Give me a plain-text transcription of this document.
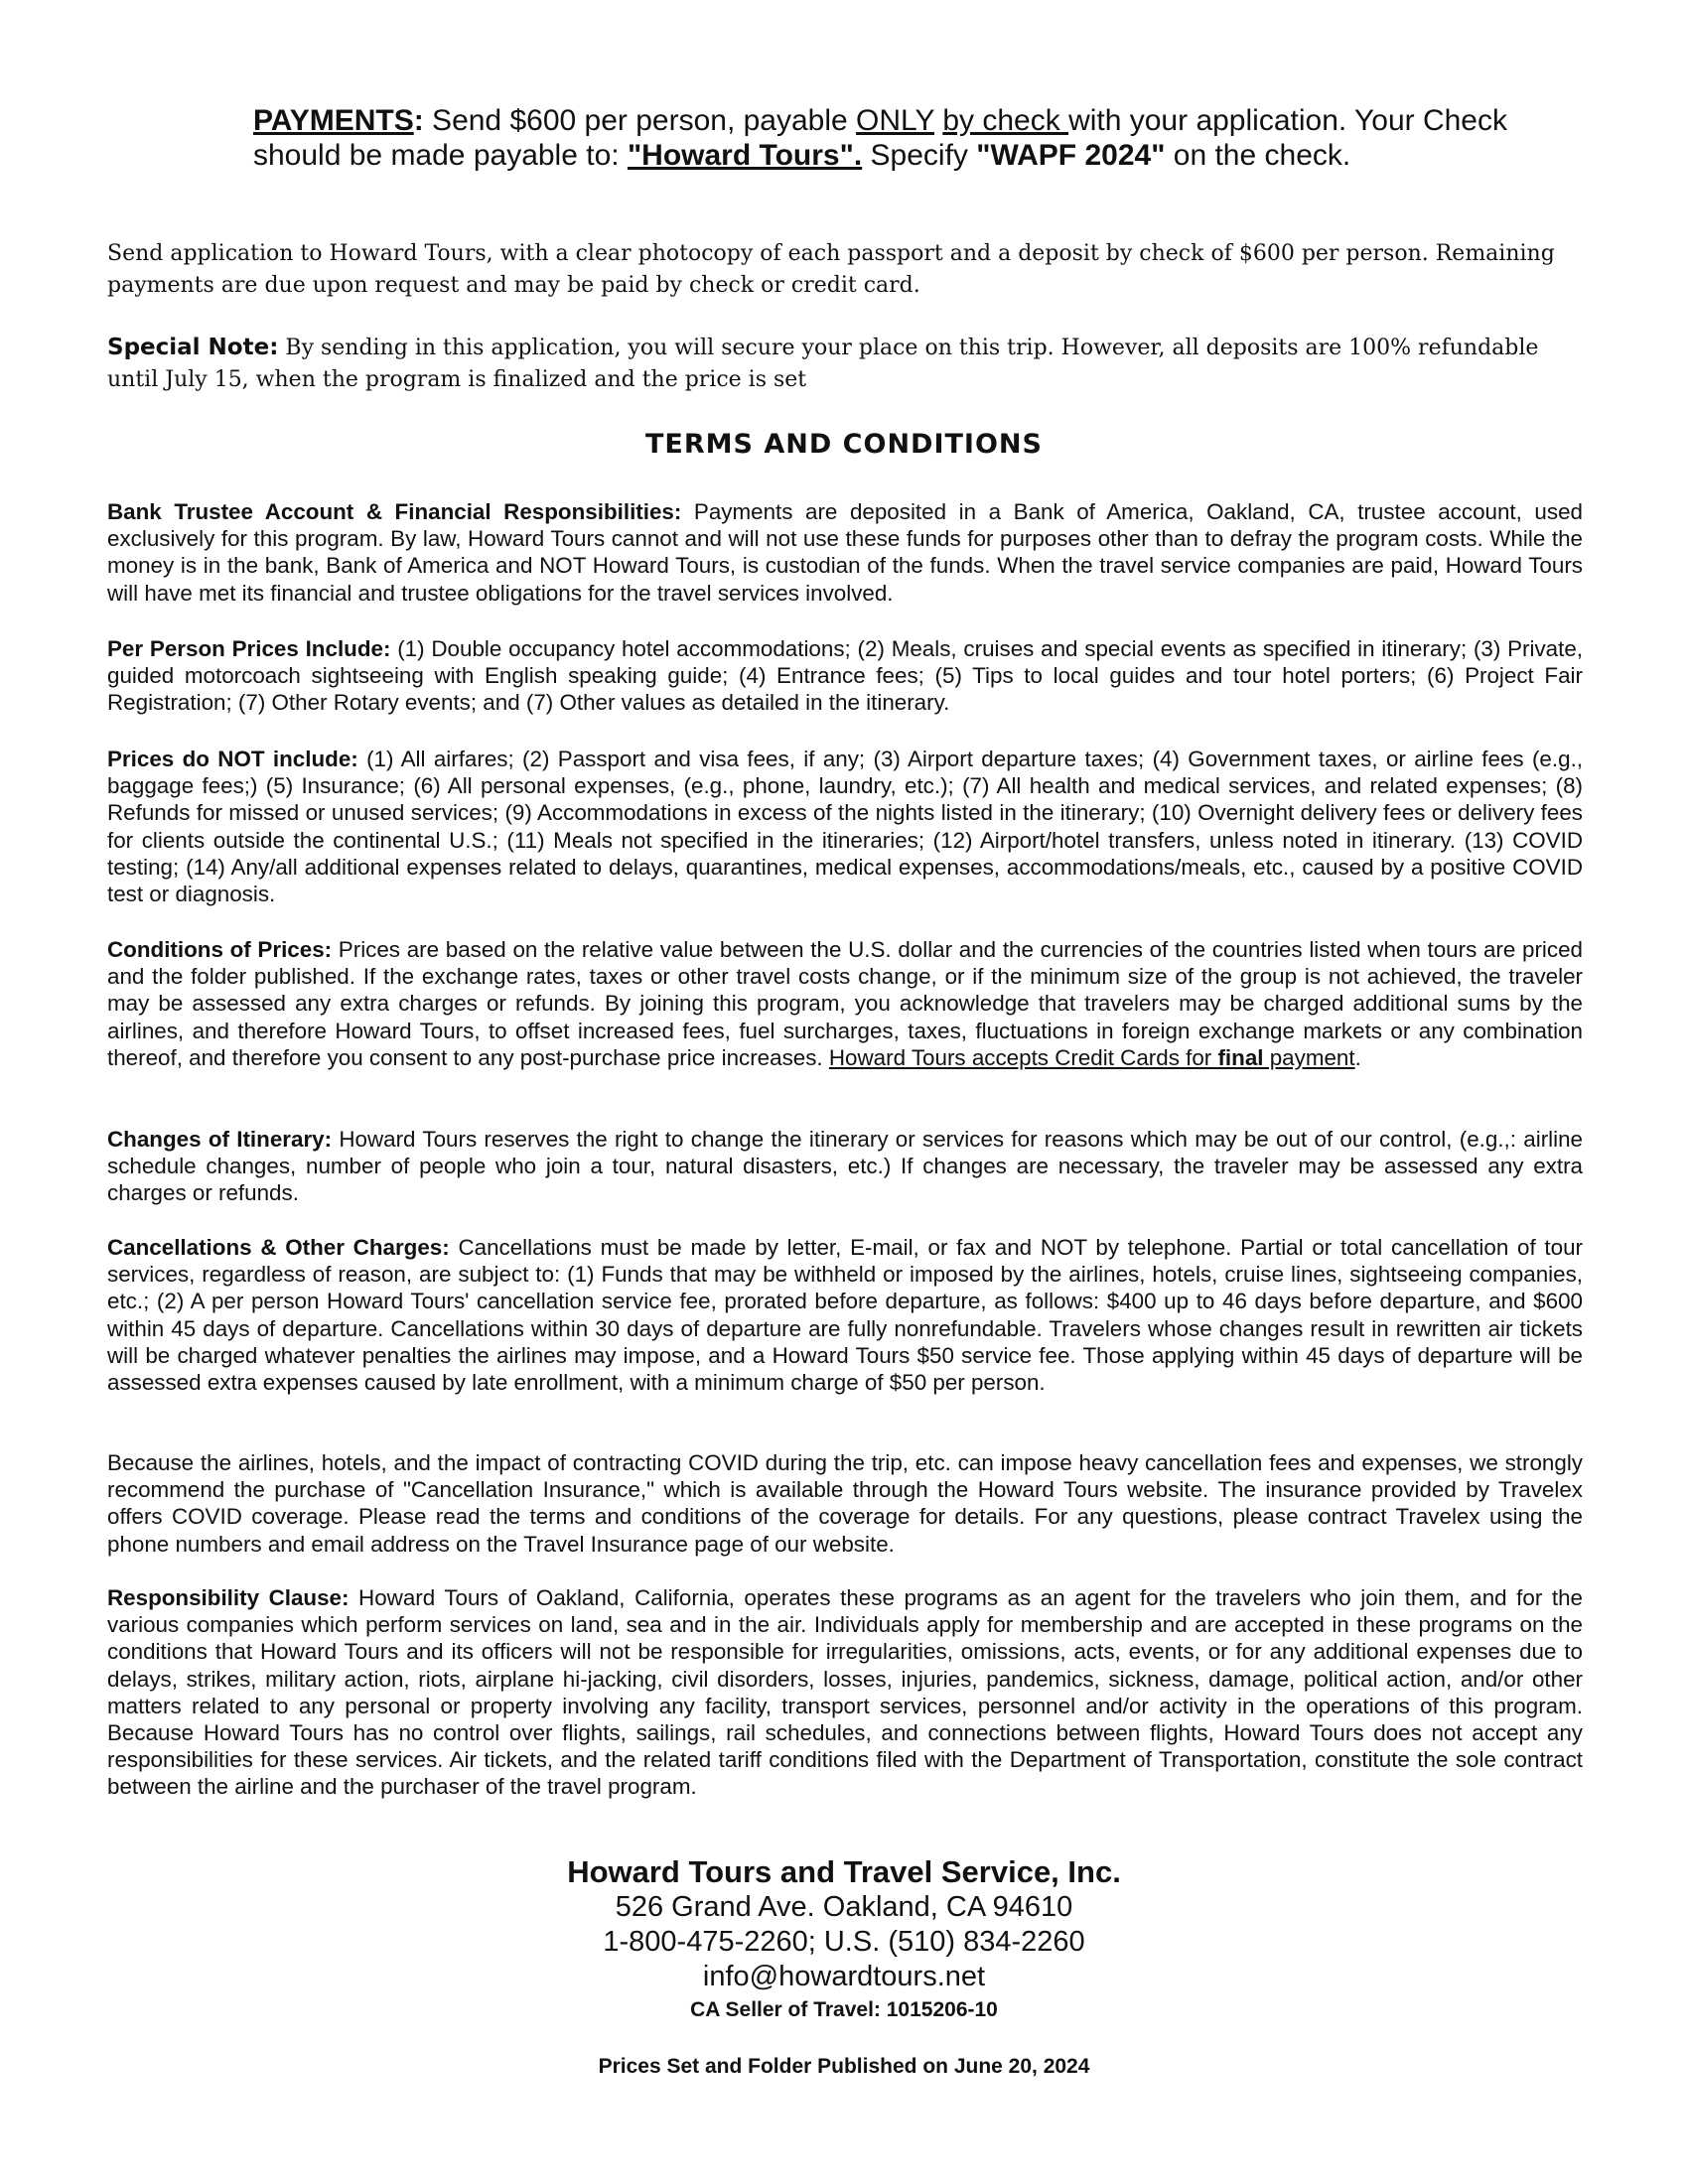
PAYMENTS: Send $600 per person, payable ONLY by check with your application. Your Check should be made payable to: "Howard Tours". Specify "WAPF 2024" on the check.
Send application to Howard Tours, with a clear photocopy of each passport and a deposit by check of $600 per person. Remaining payments are due upon request and may be paid by check or credit card.
Special Note: By sending in this application, you will secure your place on this trip. However, all deposits are 100% refundable until July 15, when the program is finalized and the price is set
TERMS AND CONDITIONS
Bank Trustee Account & Financial Responsibilities: Payments are deposited in a Bank of America, Oakland, CA, trustee account, used exclusively for this program. By law, Howard Tours cannot and will not use these funds for purposes other than to defray the program costs. While the money is in the bank, Bank of America and NOT Howard Tours, is custodian of the funds. When the travel service companies are paid, Howard Tours will have met its financial and trustee obligations for the travel services involved.
Per Person Prices Include: (1) Double occupancy hotel accommodations; (2) Meals, cruises and special events as specified in itinerary; (3) Private, guided motorcoach sightseeing with English speaking guide; (4) Entrance fees; (5) Tips to local guides and tour hotel porters; (6) Project Fair Registration; (7) Other Rotary events; and (7) Other values as detailed in the itinerary.
Prices do NOT include: (1) All airfares; (2) Passport and visa fees, if any; (3) Airport departure taxes; (4) Government taxes, or airline fees (e.g., baggage fees;) (5) Insurance; (6) All personal expenses, (e.g., phone, laundry, etc.); (7) All health and medical services, and related expenses; (8) Refunds for missed or unused services; (9) Accommodations in excess of the nights listed in the itinerary; (10) Overnight delivery fees or delivery fees for clients outside the continental U.S.; (11) Meals not specified in the itineraries; (12) Airport/hotel transfers, unless noted in itinerary. (13) COVID testing; (14) Any/all additional expenses related to delays, quarantines, medical expenses, accommodations/meals, etc., caused by a positive COVID test or diagnosis.
Conditions of Prices: Prices are based on the relative value between the U.S. dollar and the currencies of the countries listed when tours are priced and the folder published. If the exchange rates, taxes or other travel costs change, or if the minimum size of the group is not achieved, the traveler may be assessed any extra charges or refunds. By joining this program, you acknowledge that travelers may be charged additional sums by the airlines, and therefore Howard Tours, to offset increased fees, fuel surcharges, taxes, fluctuations in foreign exchange markets or any combination thereof, and therefore you consent to any post-purchase price increases. Howard Tours accepts Credit Cards for final payment.
Changes of Itinerary: Howard Tours reserves the right to change the itinerary or services for reasons which may be out of our control, (e.g.,: airline schedule changes, number of people who join a tour, natural disasters, etc.) If changes are necessary, the traveler may be assessed any extra charges or refunds.
Cancellations & Other Charges: Cancellations must be made by letter, E-mail, or fax and NOT by telephone. Partial or total cancellation of tour services, regardless of reason, are subject to: (1) Funds that may be withheld or imposed by the airlines, hotels, cruise lines, sightseeing companies, etc.; (2) A per person Howard Tours' cancellation service fee, prorated before departure, as follows: $400 up to 46 days before departure, and $600 within 45 days of departure. Cancellations within 30 days of departure are fully nonrefundable. Travelers whose changes result in rewritten air tickets will be charged whatever penalties the airlines may impose, and a Howard Tours $50 service fee. Those applying within 45 days of departure will be assessed extra expenses caused by late enrollment, with a minimum charge of $50 per person.
Because the airlines, hotels, and the impact of contracting COVID during the trip, etc. can impose heavy cancellation fees and expenses, we strongly recommend the purchase of "Cancellation Insurance," which is available through the Howard Tours website. The insurance provided by Travelex offers COVID coverage. Please read the terms and conditions of the coverage for details. For any questions, please contract Travelex using the phone numbers and email address on the Travel Insurance page of our website.
Responsibility Clause: Howard Tours of Oakland, California, operates these programs as an agent for the travelers who join them, and for the various companies which perform services on land, sea and in the air. Individuals apply for membership and are accepted in these programs on the conditions that Howard Tours and its officers will not be responsible for irregularities, omissions, acts, events, or for any additional expenses due to delays, strikes, military action, riots, airplane hi-jacking, civil disorders, losses, injuries, pandemics, sickness, damage, political action, and/or other matters related to any personal or property involving any facility, transport services, personnel and/or activity in the operations of this program. Because Howard Tours has no control over flights, sailings, rail schedules, and connections between flights, Howard Tours does not accept any responsibilities for these services. Air tickets, and the related tariff conditions filed with the Department of Transportation, constitute the sole contract between the airline and the purchaser of the travel program.
Howard Tours and Travel Service, Inc.
526 Grand Ave. Oakland, CA 94610
1-800-475-2260; U.S. (510) 834-2260
info@howardtours.net
CA Seller of Travel: 1015206-10
Prices Set and Folder Published on June 20, 2024
